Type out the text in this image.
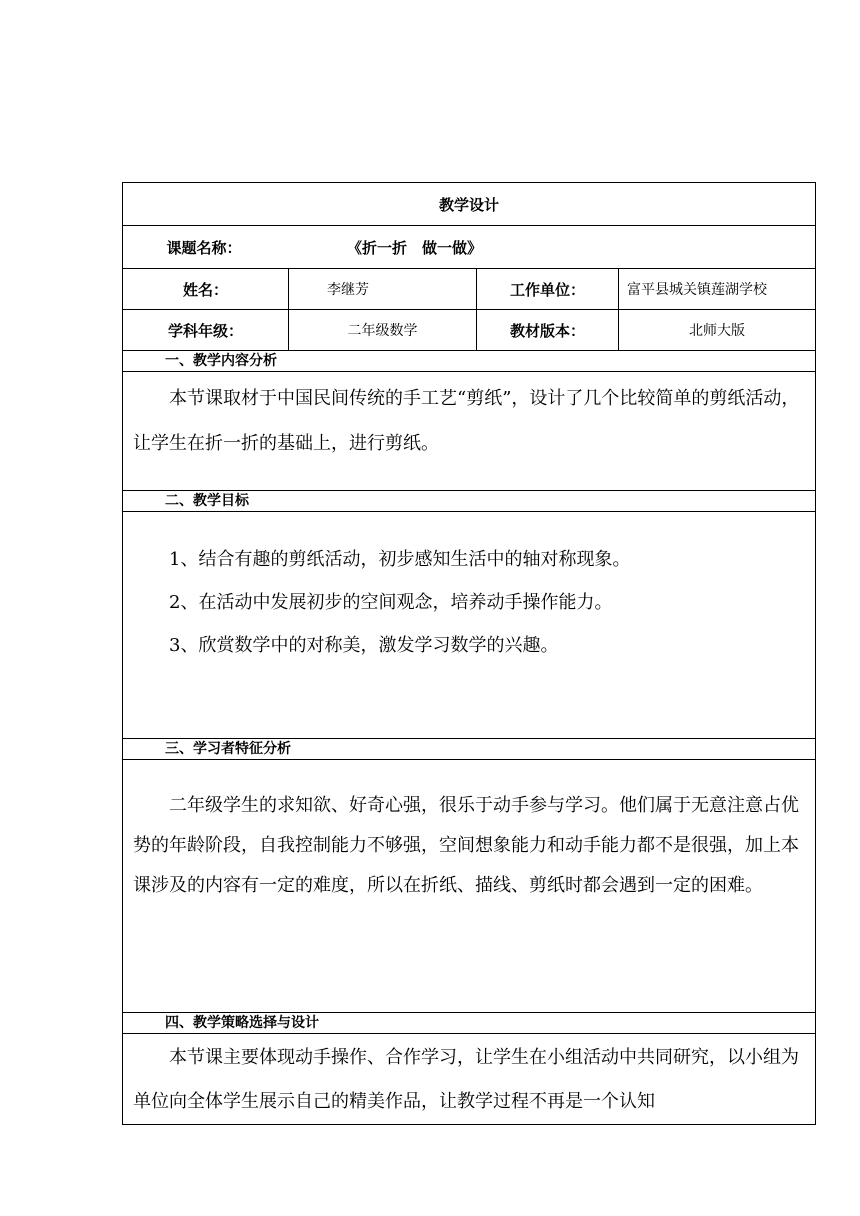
教学设计			
课题名称： 《折一折　做一做》			
姓名：	李继芳	工作单位：	富平县城关镇莲湖学校
学科年级：	二年级数学	教材版本：	北师大版
一、教学内容分析			

本节课取材于中国民间传统的手工艺“剪纸”，设计了几个比较简单的剪纸活动，让学生在折一折的基础上，进行剪纸。			

二、教学目标			

1、结合有趣的剪纸活动，初步感知生活中的轴对称现象。

2、在活动中发展初步的空间观念，培养动手操作能力。

3、欣赏数学中的对称美，激发学习数学的兴趣。			

三、学习者特征分析			

二年级学生的求知欲、好奇心强，很乐于动手参与学习。他们属于无意注意占优势的年龄阶段，自我控制能力不够强，空间想象能力和动手能力都不是很强，加上本课涉及的内容有一定的难度，所以在折纸、描线、剪纸时都会遇到一定的困难。			

四、教学策略选择与设计			

本节课主要体现动手操作、合作学习，让学生在小组活动中共同研究，以小组为单位向全体学生展示自己的精美作品，让教学过程不再是一个认知			
